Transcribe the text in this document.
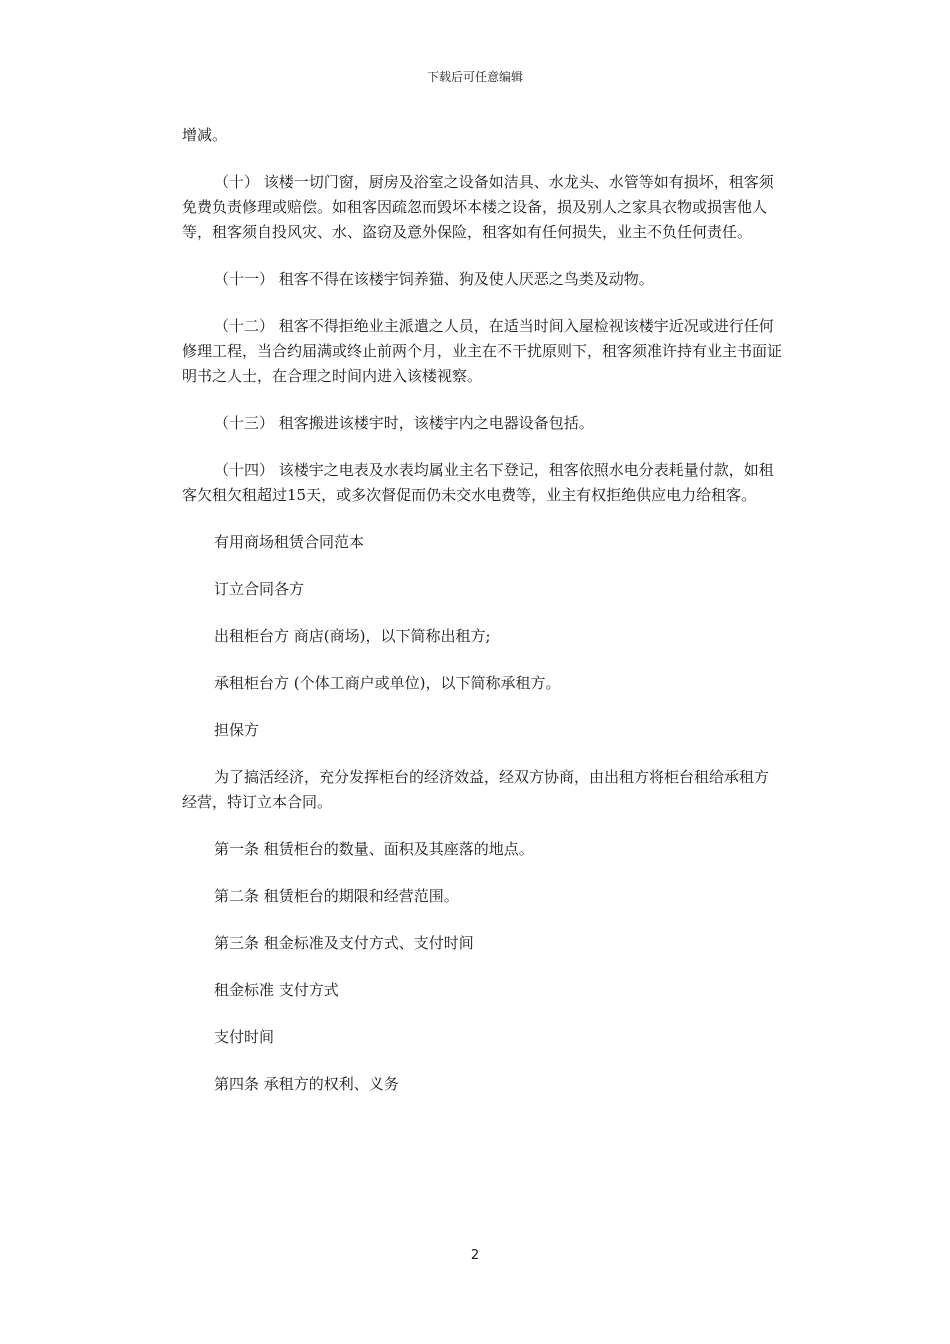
下载后可任意编辑

增减。

（十） 该楼一切门窗，厨房及浴室之设备如洁具、水龙头、水管等如有损坏，租客须免费负责修理或赔偿。如租客因疏忽而毁坏本楼之设备，损及别人之家具衣物或损害他人等，租客须自投风灾、水、盗窃及意外保险，租客如有任何损失，业主不负任何责任。

（十一） 租客不得在该楼宇饲养猫、狗及使人厌恶之鸟类及动物。

（十二） 租客不得拒绝业主派遣之人员，在适当时间入屋检视该楼宇近况或进行任何修理工程，当合约届满或终止前两个月，业主在不干扰原则下，租客须准许持有业主书面证明书之人士，在合理之时间内进入该楼视察。

（十三） 租客搬进该楼宇时，该楼宇内之电器设备包括。

（十四） 该楼宇之电表及水表均属业主名下登记，租客依照水电分表耗量付款，如租客欠租欠租超过15天，或多次督促而仍未交水电费等，业主有权拒绝供应电力给租客。

有用商场租赁合同范本

订立合同各方

出租柜台方 商店(商场)，以下简称出租方;

承租柜台方 (个体工商户或单位)，以下简称承租方。

担保方

为了搞活经济，充分发挥柜台的经济效益，经双方协商，由出租方将柜台租给承租方经营，特订立本合同。

第一条 租赁柜台的数量、面积及其座落的地点。

第二条 租赁柜台的期限和经营范围。

第三条 租金标准及支付方式、支付时间

租金标准 支付方式

支付时间

第四条 承租方的权利、义务

2
